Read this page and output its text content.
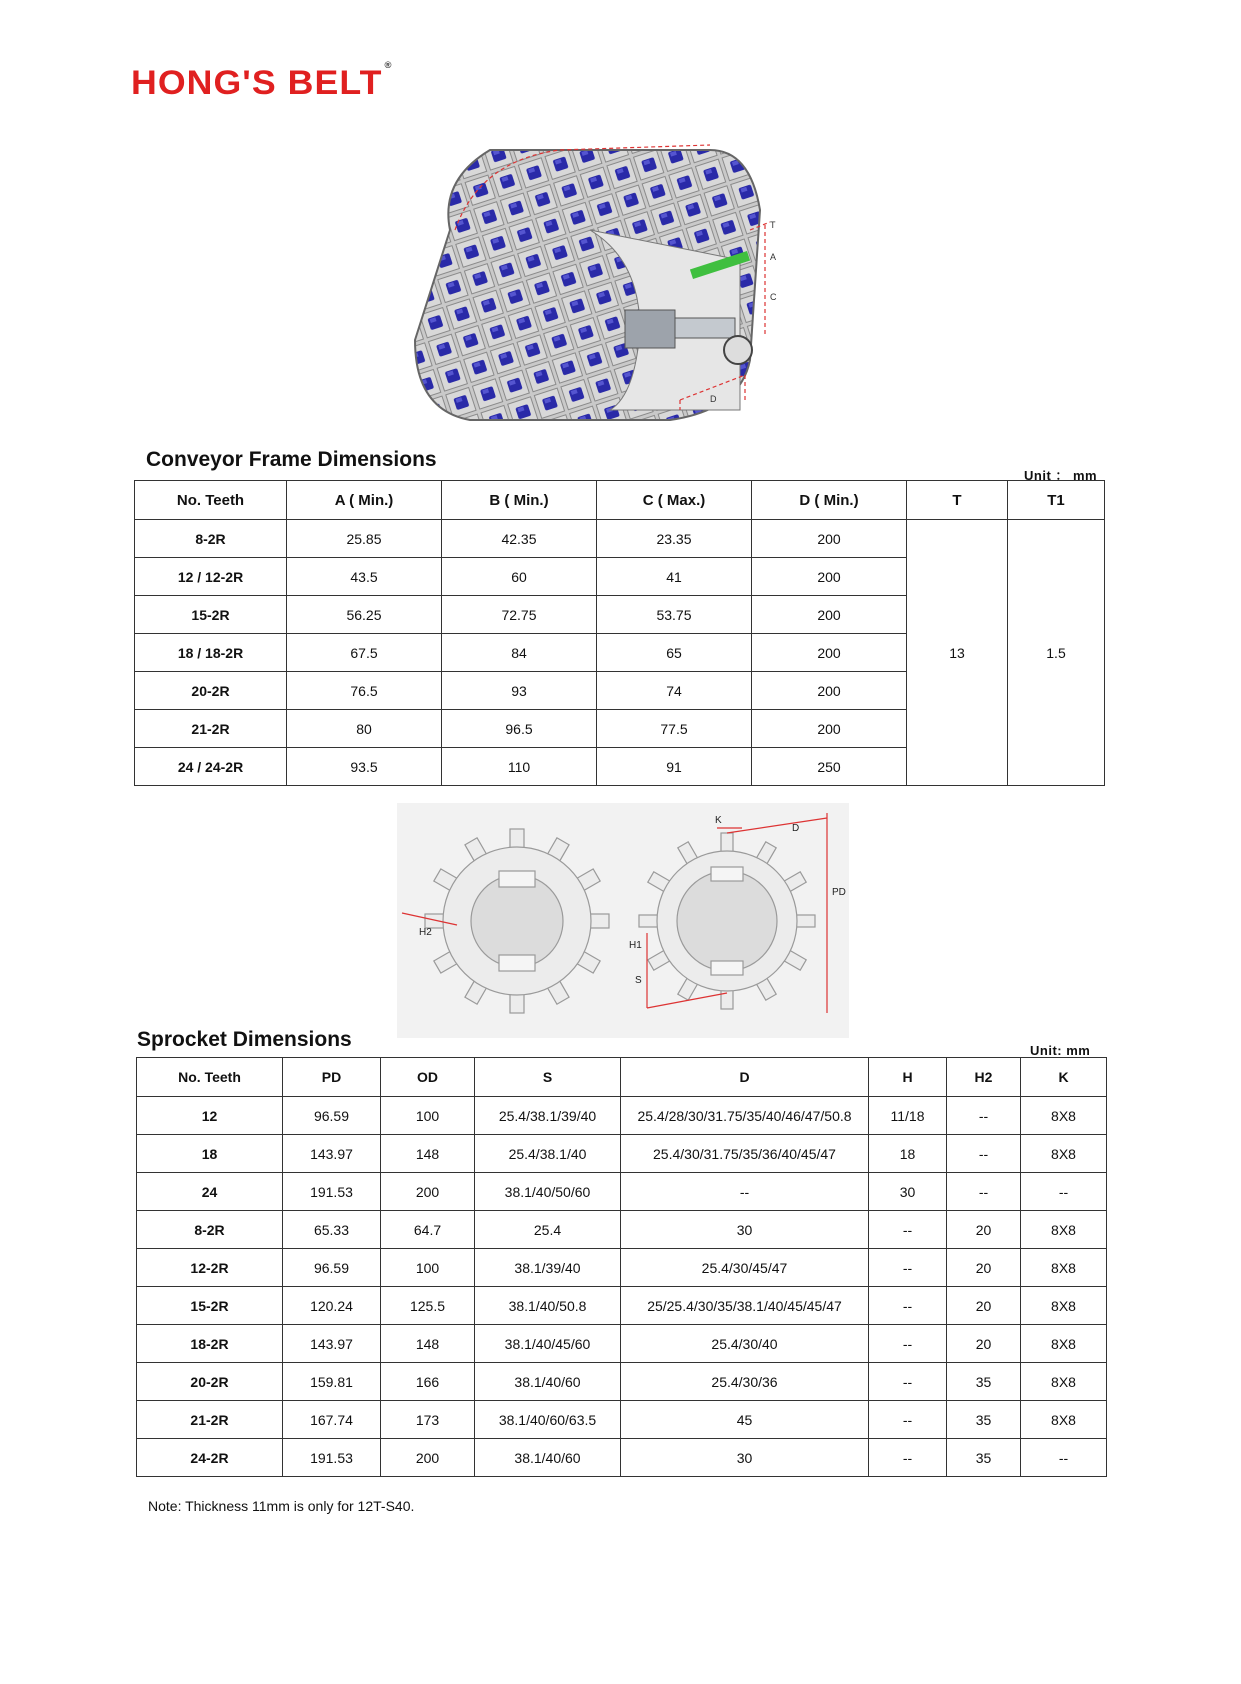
HONG'S BELT ®
T
A
C
D
Conveyor Frame Dimensions
Unit ： mm
No. Teeth	A ( Min.)	B ( Min.)	C ( Max.)	D ( Min.)	T	T1
8-2R	25.85	42.35	23.35	200	13	1.5
12 / 12-2R	43.5	60	41	200		
15-2R	56.25	72.75	53.75	200		
18 / 18-2R	67.5	84	65	200		
20-2R	76.5	93	74	200		
21-2R	80	96.5	77.5	200		
24 / 24-2R	93.5	110	91	250		
H2
K
D
PD
H1
S
Sprocket Dimensions	Unit: mm
No. Teeth	PD	OD	S	D	H	H2	K
12	96.59	100	25.4/38.1/39/40	25.4/28/30/31.75/35/40/46/47/50.8	11/18	--	8X8
18	143.97	148	25.4/38.1/40	25.4/30/31.75/35/36/40/45/47	18	--	8X8
24	191.53	200	38.1/40/50/60	--	30	--	--
8-2R	65.33	64.7	25.4	30	--	20	8X8
12-2R	96.59	100	38.1/39/40	25.4/30/45/47	--	20	8X8
15-2R	120.24	125.5	38.1/40/50.8	25/25.4/30/35/38.1/40/45/45/47	--	20	8X8
18-2R	143.97	148	38.1/40/45/60	25.4/30/40	--	20	8X8
20-2R	159.81	166	38.1/40/60	25.4/30/36	--	35	8X8
21-2R	167.74	173	38.1/40/60/63.5	45	--	35	8X8
24-2R	191.53	200	38.1/40/60	30	--	35	--
Note: Thickness 11mm is only for 12T-S40.
